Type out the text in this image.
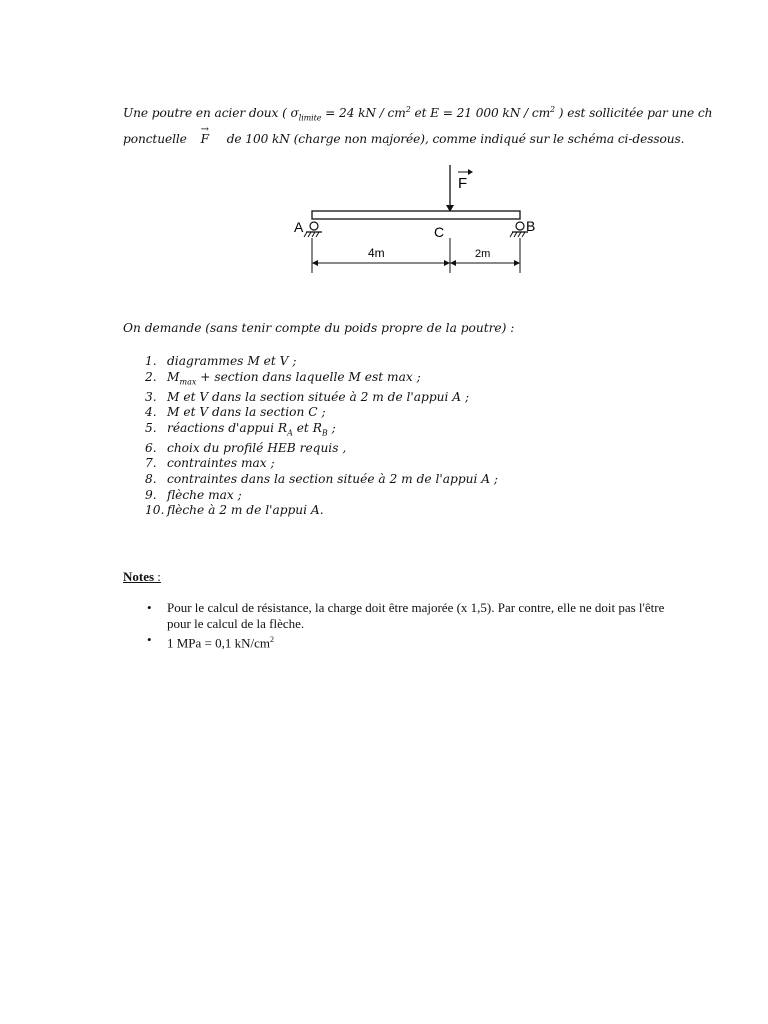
Une poutre en acier doux ( $\sigma_{limite} = 24$ kN / $cm^2$ et E = 21 000 kN / $cm^2$ ) est sollicitée par une ch
ponctuelle
→
F de 100 kN (charge non majorée), comme indiqué sur le schéma ci-dessous.
F
A	C	B
4m	2m
On demande (sans tenir compte du poids propre de la poutre) :
1. diagrammes M et V ;
2. $M_{max}$ + section dans laquelle M est max ;
3. M et V dans la section située à 2 m de l'appui A ;
4. M et V dans la section C ;
5. réactions d'appui $R_A$ et $R_B$ ;
6. choix du profilé HEB requis ,
7. contraintes max ;
8. contraintes dans la section située à 2 m de l'appui A ;
9. flèche max ;
10. flèche à 2 m de l'appui A.
Notes :
•	Pour le calcul de résistance, la charge doit être majorée (x 1,5). Par contre, elle ne doit pas l'être pour le calcul de la flèche.
•	1 MPa = 0,1 $kN/cm^2$
